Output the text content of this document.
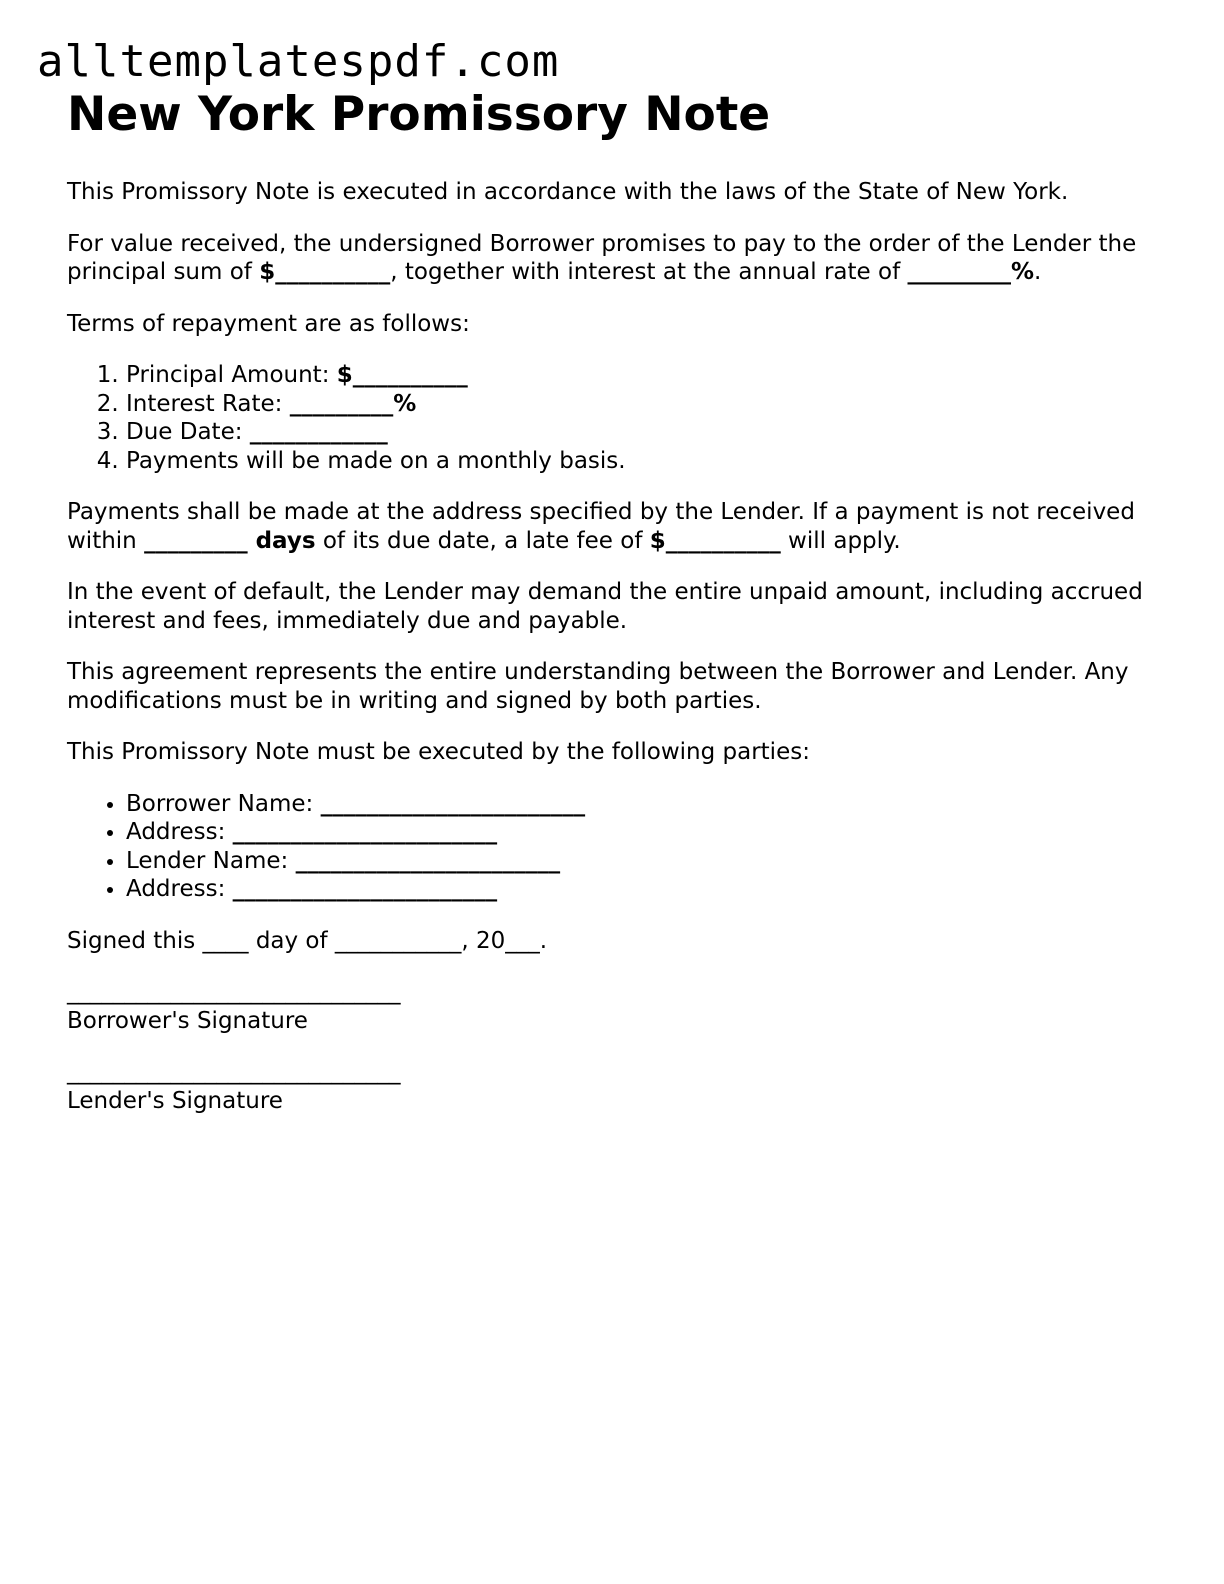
alltemplatespdf.com
New York Promissory Note

This Promissory Note is executed in accordance with the laws of the State of New York.

For value received, the undersigned Borrower promises to pay to the order of the Lender the principal sum of $__________, together with interest at the annual rate of _________%.

Terms of repayment are as follows:

1. Principal Amount: $__________
2. Interest Rate: _________%
3. Due Date: ____________
4. Payments will be made on a monthly basis.

Payments shall be made at the address specified by the Lender. If a payment is not received within _________ days of its due date, a late fee of $__________ will apply.

In the event of default, the Lender may demand the entire unpaid amount, including accrued interest and fees, immediately due and payable.

This agreement represents the entire understanding between the Borrower and Lender. Any modifications must be in writing and signed by both parties.

This Promissory Note must be executed by the following parties:

• Borrower Name: _______________________
• Address: _______________________
• Lender Name: _______________________
• Address: _______________________

Signed this ____ day of ___________, 20___.

_____________________________
Borrower's Signature
_____________________________
Lender's Signature
